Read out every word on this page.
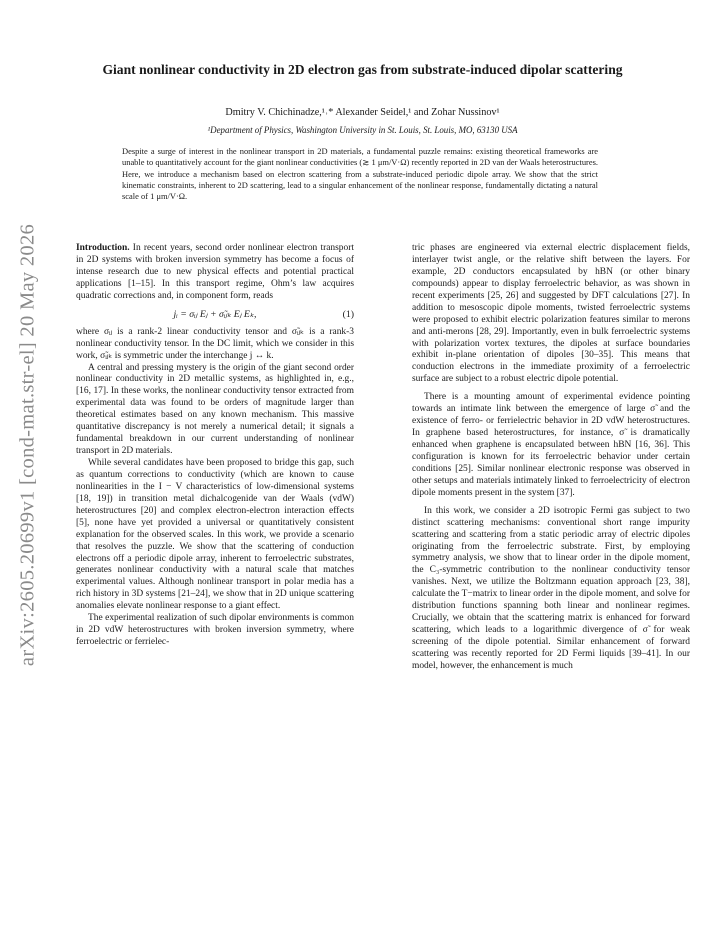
arXiv:2605.20699v1 [cond-mat.str-el] 20 May 2026
Giant nonlinear conductivity in 2D electron gas from substrate-induced dipolar scattering
Dmitry V. Chichinadze,¹˒* Alexander Seidel,¹ and Zohar Nussinov¹
¹Department of Physics, Washington University in St. Louis, St. Louis, MO, 63130 USA
Despite a surge of interest in the nonlinear transport in 2D materials, a fundamental puzzle remains: existing theoretical frameworks are unable to quantitatively account for the giant nonlinear conductivities (≳ 1 μm/V·Ω) recently reported in 2D van der Waals heterostructures. Here, we introduce a mechanism based on electron scattering from a substrate-induced periodic dipole array. We show that the strict kinematic constraints, inherent to 2D scattering, lead to a singular enhancement of the nonlinear response, fundamentally dictating a natural scale of 1 μm/V·Ω.

Introduction. In recent years, second order nonlinear electron transport in 2D systems with broken inversion symmetry has become a focus of intense research due to new physical effects and potential practical applications [1–15]. In this transport regime, Ohm’s law acquires quadratic corrections and, in component form, reads

jᵢ = σᵢⱼ Eⱼ + σ̃ᵢⱼₖ Eⱼ Eₖ,	(1)

where σᵢⱼ is a rank-2 linear conductivity tensor and σ̃ᵢⱼₖ is a rank-3 nonlinear conductivity tensor. In the DC limit, which we consider in this work, σ̃ᵢⱼₖ is symmetric under the interchange j ↔ k.

A central and pressing mystery is the origin of the giant second order nonlinear conductivity in 2D metallic systems, as highlighted in, e.g., [16, 17]. In these works, the nonlinear conductivity tensor extracted from experimental data was found to be orders of magnitude larger than theoretical estimates based on any known mechanism. This massive quantitative discrepancy is not merely a numerical detail; it signals a fundamental breakdown in our current understanding of nonlinear transport in 2D materials.

While several candidates have been proposed to bridge this gap, such as quantum corrections to conductivity (which are known to cause nonlinearities in the I − V characteristics of low-dimensional systems [18, 19]) in transition metal dichalcogenide van der Waals (vdW) heterostructures [20] and complex electron-electron interaction effects [5], none have yet provided a universal or quantitatively consistent explanation for the observed scales. In this work, we provide a scenario that resolves the puzzle. We show that the scattering of conduction electrons off a periodic dipole array, inherent to ferroelectric substrates, generates nonlinear conductivity with a natural scale that matches experimental values. Although nonlinear transport in polar media has a rich history in 3D systems [21–24], we show that in 2D unique scattering anomalies elevate nonlinear response to a giant effect.

The experimental realization of such dipolar environments is common in 2D vdW heterostructures with broken inversion symmetry, where ferroelectric or ferrielec-

tric phases are engineered via external electric displacement fields, interlayer twist angle, or the relative shift between the layers. For example, 2D conductors encapsulated by hBN (or other binary compounds) appear to display ferroelectric behavior, as was shown in recent experiments [25, 26] and suggested by DFT calculations [27]. In addition to mesoscopic dipole moments, twisted ferroelectric systems were proposed to exhibit electric polarization features similar to merons and anti-merons [28, 29]. Importantly, even in bulk ferroelectric systems with polarization vortex textures, the dipoles at surface boundaries exhibit in-plane orientation of dipoles [30–35]. This means that conduction electrons in the immediate proximity of a ferroelectric surface are subject to a robust electric dipole potential.

There is a mounting amount of experimental evidence pointing towards an intimate link between the emergence of large σ̃ and the existence of ferro- or ferrielectric behavior in 2D vdW heterostructures. In graphene based heterostructures, for instance, σ̃ is dramatically enhanced when graphene is encapsulated between hBN [16, 36]. This configuration is known for its ferroelectric behavior under certain conditions [25]. Similar nonlinear electronic response was observed in other setups and materials intimately linked to ferroelectricity of electron dipole moments present in the system [37].

In this work, we consider a 2D isotropic Fermi gas subject to two distinct scattering mechanisms: conventional short range impurity scattering and scattering from a static periodic array of electric dipoles originating from the ferroelectric substrate. First, by employing symmetry analysis, we show that to linear order in the dipole moment, the C₃-symmetric contribution to the nonlinear conductivity tensor vanishes. Next, we utilize the Boltzmann equation approach [23, 38], calculate the T−matrix to linear order in the dipole moment, and solve for distribution functions spanning both linear and nonlinear regimes. Crucially, we obtain that the scattering matrix is enhanced for forward scattering, which leads to a logarithmic divergence of σ̃ for weak screening of the dipole potential. Similar enhancement of forward scattering was recently reported for 2D Fermi liquids [39–41]. In our model, however, the enhancement is much
